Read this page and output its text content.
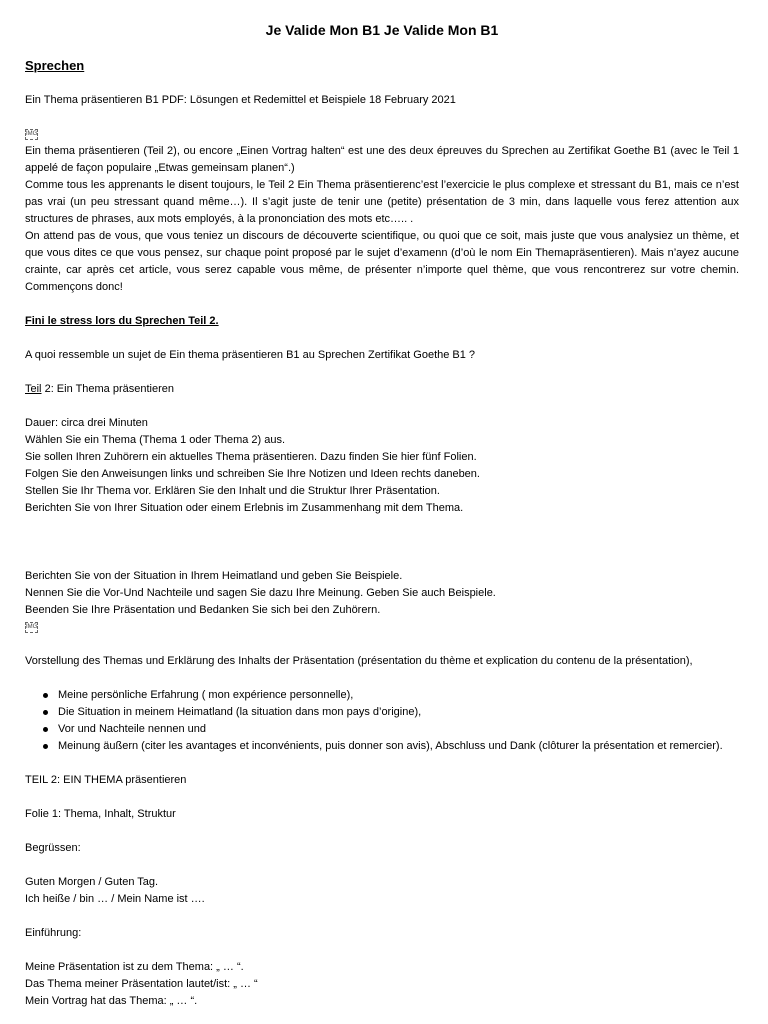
Je Valide Mon B1 Je Valide Mon B1

Sprechen

Ein Thema präsentieren B1 PDF: Lösungen et Redemittel et Beispiele 18 February 2021

IMG

Ein thema präsentieren (Teil 2), ou encore „Einen Vortrag halten“ est une des deux épreuves du Sprechen au Zertifikat Goethe B1 (avec le Teil 1 appelé de façon populaire „Etwas gemeinsam planen“.)

Comme tous les apprenants le disent toujours, le Teil 2 Ein Thema präsentierenc’est l’exercicie le plus complexe et stressant du B1, mais ce n’est pas vrai (un peu stressant quand même…). Il s’agit juste de tenir une (petite) présentation de 3 min, dans laquelle vous ferez attention aux structures de phrases, aux mots employés, à la prononciation des mots etc….. .

On attend pas de vous, que vous teniez un discours de découverte scientifique, ou quoi que ce soit, mais juste que vous analysiez un thème, et que vous dites ce que vous pensez, sur chaque point proposé par le sujet d’examenn (d’où le nom Ein Themapräsentieren). Mais n’ayez aucune crainte, car après cet article, vous serez capable vous même, de présenter n’importe quel thème, que vous rencontrerez sur votre chemin. Commençons donc!

Fini le stress lors du Sprechen Teil 2.

A quoi ressemble un sujet de Ein thema präsentieren B1 au Sprechen Zertifikat Goethe B1 ?

Teil 2: Ein Thema präsentieren

Dauer: circa drei Minuten

Wählen Sie ein Thema (Thema 1 oder Thema 2) aus.

Sie sollen Ihren Zuhörern ein aktuelles Thema präsentieren. Dazu finden Sie hier fünf Folien.

Folgen Sie den Anweisungen links und schreiben Sie Ihre Notizen und Ideen rechts daneben.

Stellen Sie Ihr Thema vor. Erklären Sie den Inhalt und die Struktur Ihrer Präsentation.

Berichten Sie von Ihrer Situation oder einem Erlebnis im Zusammenhang mit dem Thema.

Berichten Sie von der Situation in Ihrem Heimatland und geben Sie Beispiele.

Nennen Sie die Vor-Und Nachteile und sagen Sie dazu Ihre Meinung. Geben Sie auch Beispiele.

Beenden Sie Ihre Präsentation und Bedanken Sie sich bei den Zuhörern.

IMG

Vorstellung des Themas und Erklärung des Inhalts der Präsentation (présentation du thème et explication du contenu de la présentation),

Meine persönliche Erfahrung ( mon expérience personnelle),
Die Situation in meinem Heimatland (la situation dans mon pays d’origine),
Vor und Nachteile nennen und
Meinung äußern (citer les avantages et inconvénients, puis donner son avis), Abschluss und Dank (clôturer la présentation et remercier).

TEIL 2: EIN THEMA präsentieren

Folie 1: Thema, Inhalt, Struktur

Begrüssen:

Guten Morgen / Guten Tag.

Ich heiße / bin … / Mein Name ist ….

Einführung:

Meine Präsentation ist zu dem Thema: „ … “.

Das Thema meiner Präsentation lautet/ist: „ … “

Mein Vortrag hat das Thema: „ … “.
